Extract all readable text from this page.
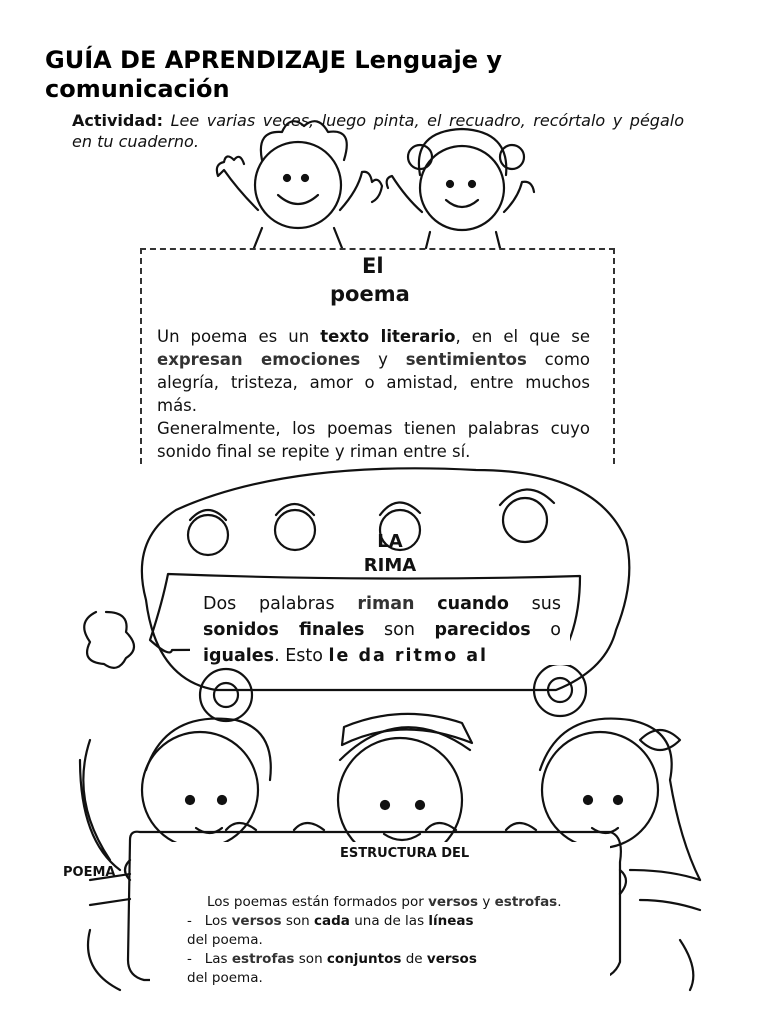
GUÍA DE APRENDIZAJE Lenguaje y comunicación
Actividad: Lee varias veces, luego pinta, el recuadro, recórtalo y pégalo en tu cuaderno.
El
poema

Un poema es un texto literario, en el que se expresan emociones y sentimientos como alegría, tristeza, amor o amistad, entre muchos más.

Generalmente, los poemas tienen palabras cuyo sonido final se repite y riman entre sí.

LA
RIMA

Dos palabras riman cuando sus sonidos finales son parecidos o iguales. Esto le da ritmo al

ESTRUCTURA DEL
POEMA

Los poemas están formados por versos y estrofas.

- Los versos son cada una de las líneas

del poema.

- Las estrofas son conjuntos de versos

del poema.
